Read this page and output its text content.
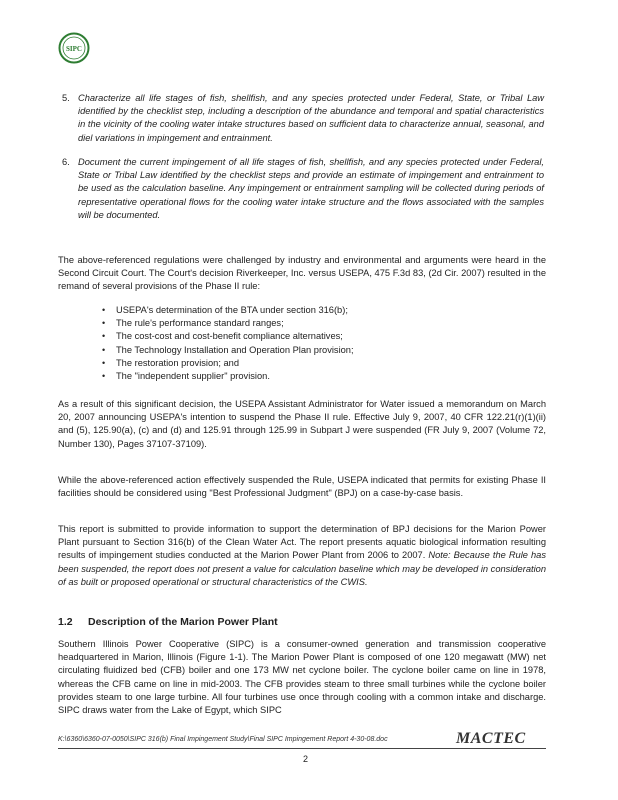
SIPC
5. Characterize all life stages of fish, shellfish, and any species protected under Federal, State, or Tribal Law identified by the checklist step, including a description of the abundance and temporal and spatial characteristics in the vicinity of the cooling water intake structures based on sufficient data to characterize annual, seasonal, and diel variations in impingement and entrainment.
6. Document the current impingement of all life stages of fish, shellfish, and any species protected under Federal, State or Tribal Law identified by the checklist steps and provide an estimate of impingement and entrainment to be used as the calculation baseline. Any impingement or entrainment sampling will be collected during periods of representative operational flows for the cooling water intake structure and the flows associated with the samples will be documented.
The above-referenced regulations were challenged by industry and environmental and arguments were heard in the Second Circuit Court. The Court's decision Riverkeeper, Inc. versus USEPA, 475 F.3d 83, (2d Cir. 2007) resulted in the remand of several provisions of the Phase II rule:
• USEPA's determination of the BTA under section 316(b);
• The rule's performance standard ranges;
• The cost-cost and cost-benefit compliance alternatives;
• The Technology Installation and Operation Plan provision;
• The restoration provision; and
• The "independent supplier" provision.
As a result of this significant decision, the USEPA Assistant Administrator for Water issued a memorandum on March 20, 2007 announcing USEPA's intention to suspend the Phase II rule. Effective July 9, 2007, 40 CFR 122.21(r)(1)(ii) and (5), 125.90(a), (c) and (d) and 125.91 through 125.99 in Subpart J were suspended (FR July 9, 2007 (Volume 72, Number 130), Pages 37107-37109).
While the above-referenced action effectively suspended the Rule, USEPA indicated that permits for existing Phase II facilities should be considered using "Best Professional Judgment" (BPJ) on a case-by-case basis.
This report is submitted to provide information to support the determination of BPJ decisions for the Marion Power Plant pursuant to Section 316(b) of the Clean Water Act. The report presents aquatic biological information resulting results of impingement studies conducted at the Marion Power Plant from 2006 to 2007. Note: Because the Rule has been suspended, the report does not present a value for calculation baseline which may be developed in consideration of as built or proposed operational or structural characteristics of the CWIS.
1.2 Description of the Marion Power Plant
Southern Illinois Power Cooperative (SIPC) is a consumer-owned generation and transmission cooperative headquartered in Marion, Illinois (Figure 1-1). The Marion Power Plant is composed of one 120 megawatt (MW) net circulating fluidized bed (CFB) boiler and one 173 MW net cyclone boiler. The cyclone boiler came on line in 1978, whereas the CFB came on line in mid-2003. The CFB provides steam to three small turbines while the cyclone boiler provides steam to one large turbine. All four turbines use once through cooling with a common intake and discharge. SIPC draws water from the Lake of Egypt, which SIPC
K:\6360\6360-07-0050\SIPC 316(b) Final Impingement Study\Final SIPC Impingement Report 4-30-08.doc	MACTEC
2
